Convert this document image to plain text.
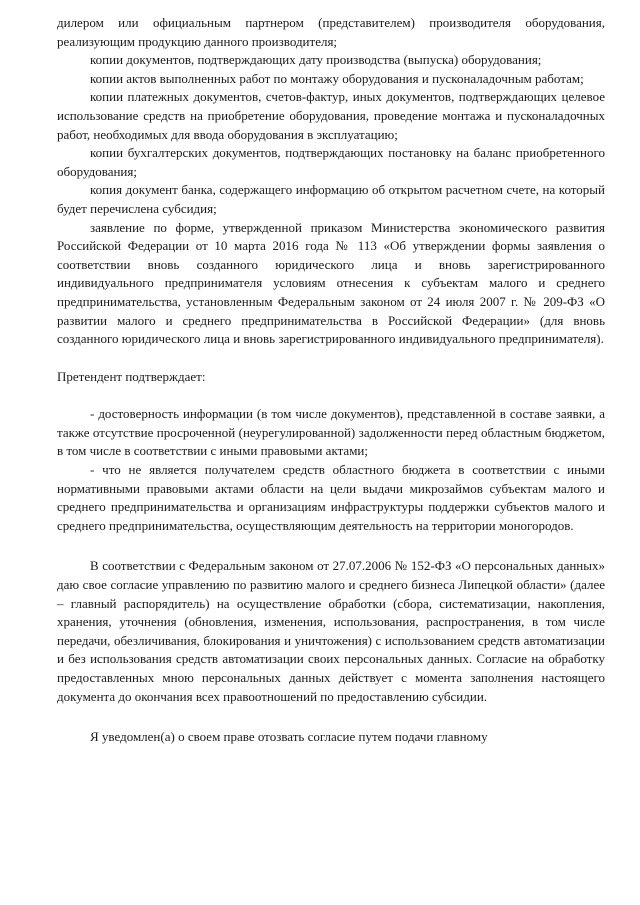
дилером или официальным партнером (представителем) производителя оборудования, реализующим продукцию данного производителя;

копии документов, подтверждающих дату производства (выпуска) оборудования;

копии актов выполненных работ по монтажу оборудования и пусконаладочным работам;

копии платежных документов, счетов-фактур, иных документов, подтверждающих целевое использование средств на приобретение оборудования, проведение монтажа и пусконаладочных работ, необходимых для ввода оборудования в эксплуатацию;

копии бухгалтерских документов, подтверждающих постановку на баланс приобретенного оборудования;

копия документ банка, содержащего информацию об открытом расчетном счете, на который будет перечислена субсидия;

заявление по форме, утвержденной приказом Министерства экономического развития Российской Федерации от 10 марта 2016 года № 113 «Об утверждении формы заявления о соответствии вновь созданного юридического лица и вновь зарегистрированного индивидуального предпринимателя условиям отнесения к субъектам малого и среднего предпринимательства, установленным Федеральным законом от 24 июля 2007 г. № 209-ФЗ «О развитии малого и среднего предпринимательства в Российской Федерации» (для вновь созданного юридического лица и вновь зарегистрированного индивидуального предпринимателя).

Претендент подтверждает:

- достоверность информации (в том числе документов), представленной в составе заявки, а также отсутствие просроченной (неурегулированной) задолженности перед областным бюджетом, в том числе в соответствии с иными правовыми актами;

- что не является получателем средств областного бюджета в соответствии с иными нормативными правовыми актами области на цели выдачи микрозаймов субъектам малого и среднего предпринимательства и организациям инфраструктуры поддержки субъектов малого и среднего предпринимательства, осуществляющим деятельность на территории моногородов.

В соответствии с Федеральным законом от 27.07.2006 № 152-ФЗ «О персональных данных» даю свое согласие управлению по развитию малого и среднего бизнеса Липецкой области» (далее – главный распорядитель) на осуществление обработки (сбора, систематизации, накопления, хранения, уточнения (обновления, изменения, использования, распространения, в том числе передачи, обезличивания, блокирования и уничтожения) с использованием средств автоматизации и без использования средств автоматизации своих персональных данных. Согласие на обработку предоставленных мною персональных данных действует с момента заполнения настоящего документа до окончания всех правоотношений по предоставлению субсидии.

Я уведомлен(а) о своем праве отозвать согласие путем подачи главному
